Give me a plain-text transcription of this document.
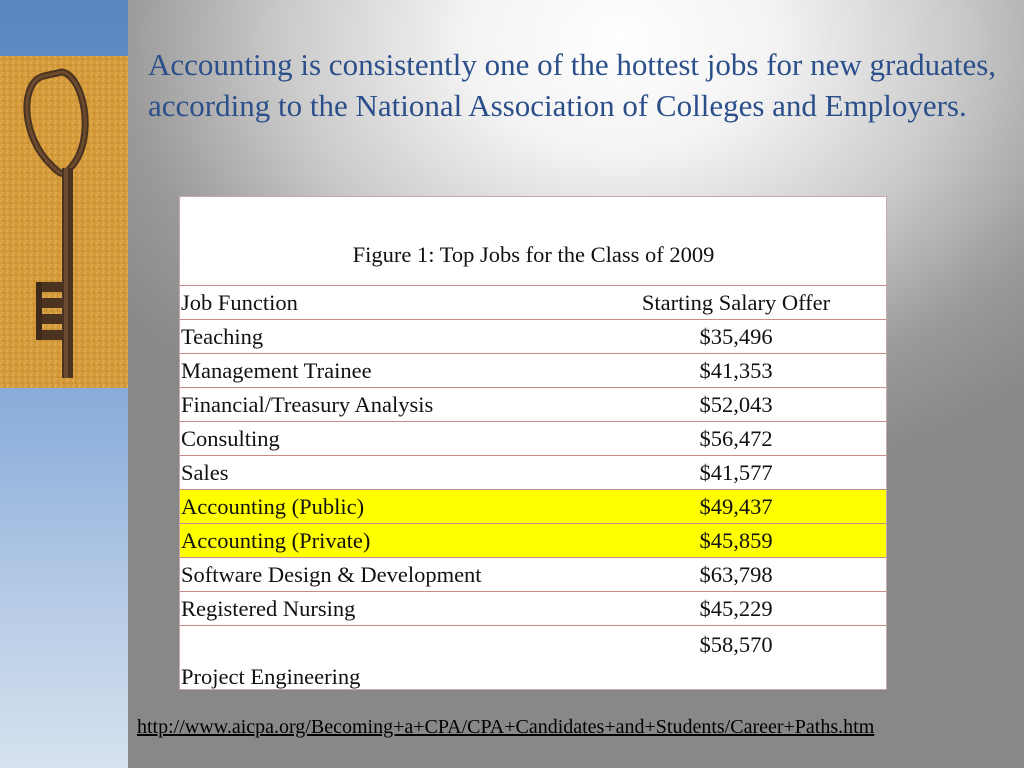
Accounting is consistently one of the hottest jobs for new graduates, according to the National Association of Colleges and Employers.
Figure 1: Top Jobs for the Class of 2009	
Job Function	Starting Salary Offer
Teaching	$35,496
Management Trainee	$41,353
Financial/Treasury Analysis	$52,043
Consulting	$56,472
Sales	$41,577
Accounting (Public)	$49,437
Accounting (Private)	$45,859
Software Design & Development	$63,798
Registered Nursing	$45,229
Project Engineering	$58,570
http://www.aicpa.org/Becoming+a+CPA/CPA+Candidates+and+Students/Career+Paths.htm
